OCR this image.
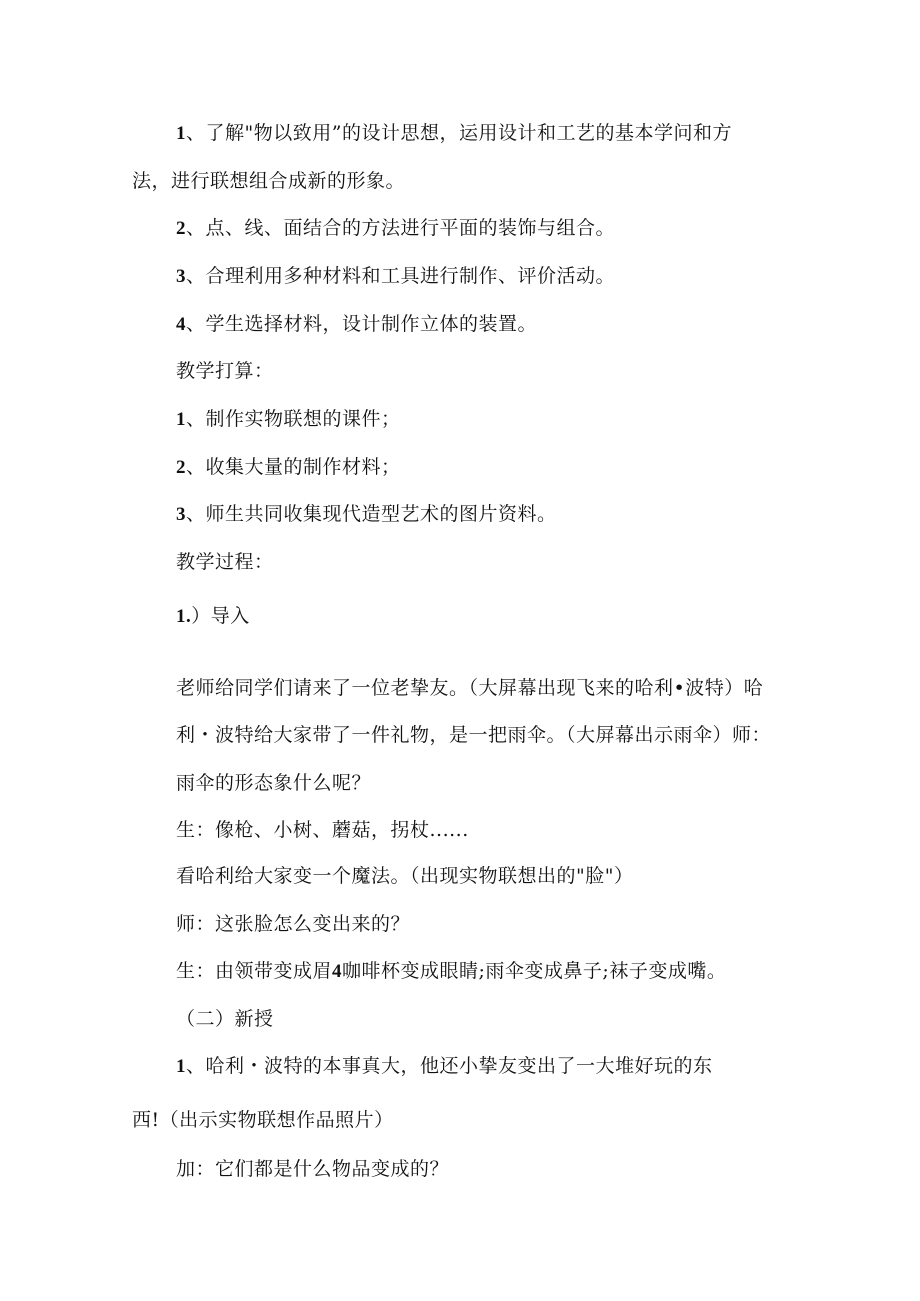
1、了解"物以致用”的设计思想，运用设计和工艺的基本学问和方
法，进行联想组合成新的形象。
2、点、线、面结合的方法进行平面的装饰与组合。
3、合理利用多种材料和工具进行制作、评价活动。
4、学生选择材料，设计制作立体的装置。
教学打算：
1、制作实物联想的课件；
2、收集大量的制作材料；
3、师生共同收集现代造型艺术的图片资料。
教学过程：
1.）导入
老师给同学们请来了一位老挚友。（大屏幕出现飞来的哈利•波特）哈
利・波特给大家带了一件礼物，是一把雨伞。（大屏幕出示雨伞）师：
雨伞的形态象什么呢？
生：像枪、小树、蘑菇，拐杖......
看哈利给大家变一个魔法。（出现实物联想出的"脸"）
师：这张脸怎么变出来的？
生：由领带变成眉4咖啡杯变成眼睛;雨伞变成鼻子;袜子变成嘴。
（二）新授
1、哈利・波特的本事真大，他还小挚友变出了一大堆好玩的东
西!（出示实物联想作品照片）
加：它们都是什么物品变成的？
